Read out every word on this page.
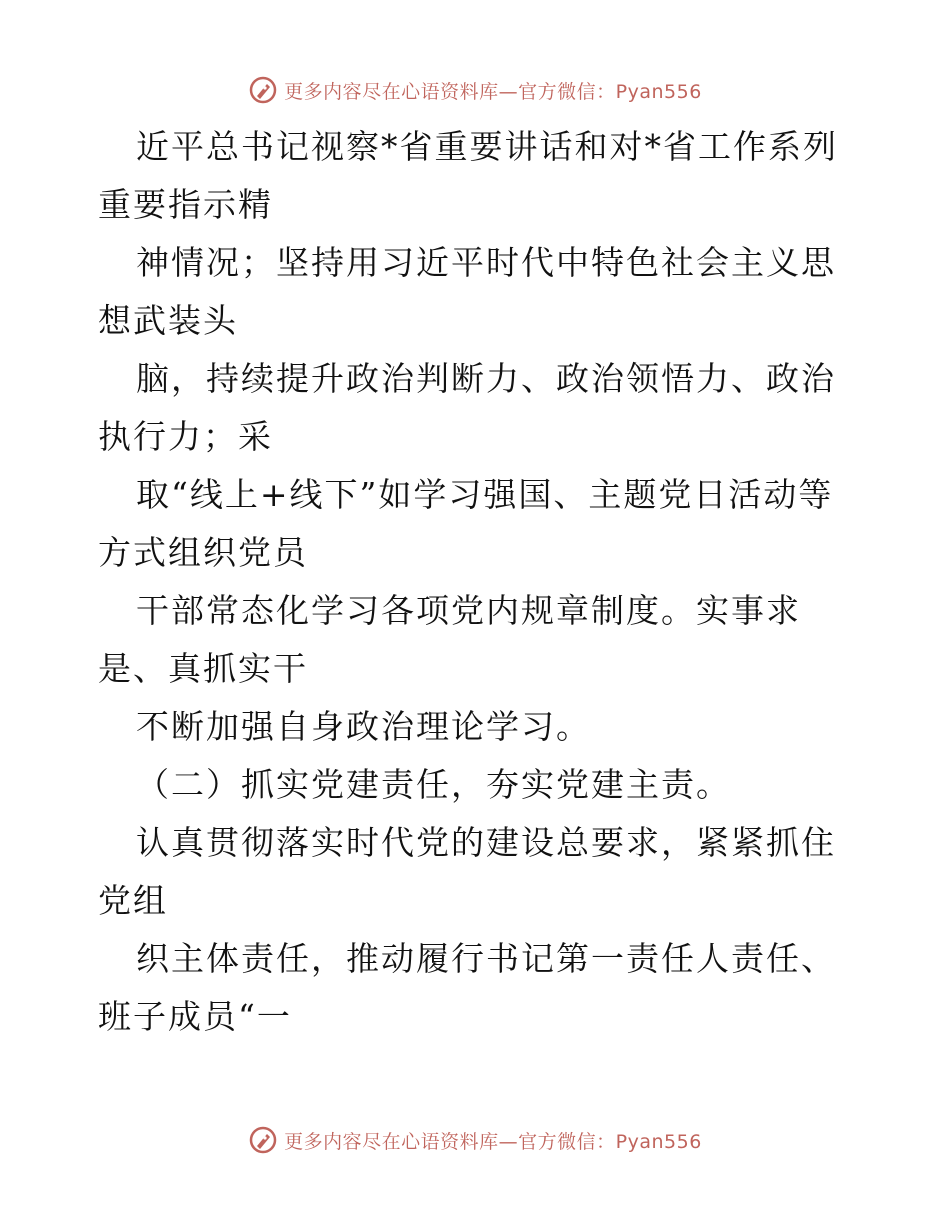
更多内容尽在心语资料库—官方微信：Pyan556

近平总书记视察*省重要讲话和对*省工作系列重要指示精

神情况；坚持用习近平时代中特色社会主义思想武装头

脑，持续提升政治判断力、政治领悟力、政治执行力；采

取“线上+线下”如学习强国、主题党日活动等方式组织党员

干部常态化学习各项党内规章制度。实事求是、真抓实干

不断加强自身政治理论学习。

（二）抓实党建责任，夯实党建主责。

认真贯彻落实时代党的建设总要求，紧紧抓住党组

织主体责任，推动履行书记第一责任人责任、班子成员“一

更多内容尽在心语资料库—官方微信：Pyan556
